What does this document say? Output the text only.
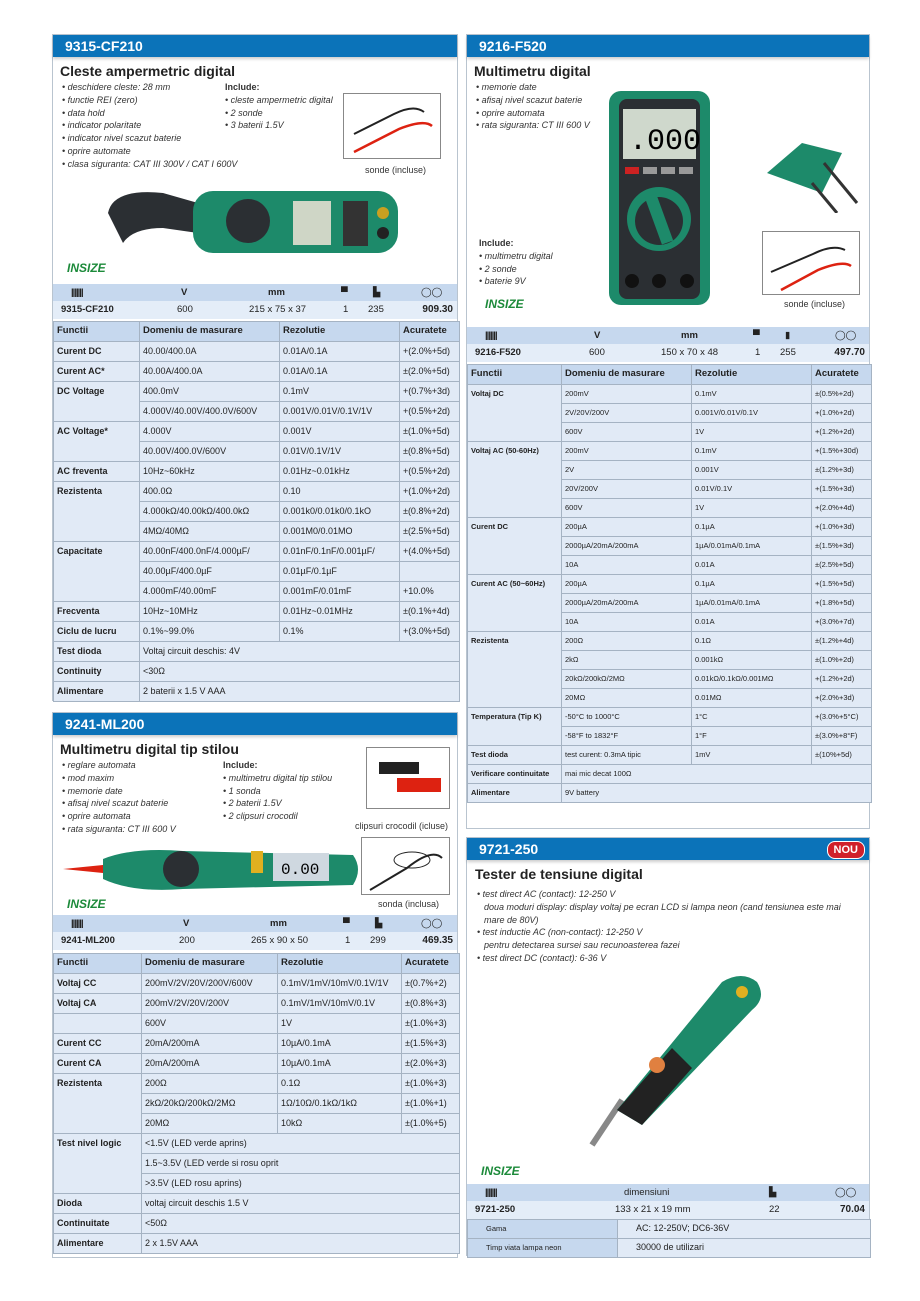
9315-CF210
Cleste ampermetric digital
• deschidere cleste: 28 mm
• functie REI (zero)
• data hold
• indicator polaritate
• indicator nivel scazut baterie
• oprire automate
• clasa siguranta: CAT III 300V / CAT I 600V
Include:
• cleste ampermetric digital
• 2 sonde
• 3 baterii 1.5V
sonde (incluse)
INSIZE
|||||||	V	mm	▀	▙	◯◯
9315-CF210	600	215 x 75 x 37	1 235	909.30
Functii	Domeniu de masurare	Rezolutie	Acuratete
Curent DC	40.00/400.0A	0.01A/0.1A	+(2.0%+5d)
Curent AC*	40.00A/400.0A	0.01A/0.1A	±(2.0%+5d)
DC Voltage	400.0mV	0.1mV	+(0.7%+3d)
	4.000V/40.00V/400.0V/600V	0.001V/0.01V/0.1V/1V	+(0.5%+2d)
AC Voltage*	4.000V	0.001V	±(1.0%+5d)
	40.00V/400.0V/600V	0.01V/0.1V/1V	±(0.8%+5d)
AC freventa	10Hz~60kHz	0.01Hz~0.01kHz	+(0.5%+2d)
Rezistenta	400.0Ω	0.10	+(1.0%+2d)
	4.000kΩ/40.00kΩ/400.0kΩ	0.001k0/0.01k0/0.1kO	±(0.8%+2d)
	4MΩ/40MΩ	0.001M0/0.01MO	±(2.5%+5d)
Capacitate	40.00nF/400.0nF/4.000µF/	0.01nF/0.1nF/0.001µF/	+(4.0%+5d)
	40.00µF/400.0µF	0.01µF/0.1µF	
	4.000mF/40.00mF	0.001mF/0.01mF	+10.0%
Frecventa	10Hz~10MHz	0.01Hz~0.01MHz	±(0.1%+4d)
Ciclu de lucru	0.1%~99.0%	0.1%	+(3.0%+5d)
Test dioda	Voltaj circuit deschis: 4V		
Continuity	<30Ω		
Alimentare	2 baterii x 1.5 V AAA		
9241-ML200
Multimetru digital tip stilou
• reglare automata
• mod maxim
• memorie date
• afisaj nivel scazut baterie
• oprire automata
• rata siguranta: CT III 600 V
Include:
• multimetru digital tip stilou
• 1 sonda
• 2 baterii 1.5V
• 2 clipsuri crocodil
clipsuri crocodil (icluse)
sonda (inclusa)
0.00
INSIZE
|||||||	V	mm	▀	▙	◯◯
9241-ML200	200	265 x 90 x 50	1 299	469.35
Functii	Domeniu de masurare	Rezolutie	Acuratete
Voltaj CC	200mV/2V/20V/200V/600V	0.1mV/1mV/10mV/0.1V/1V	±(0.7%+2)
Voltaj CA	200mV/2V/20V/200V	0.1mV/1mV/10mV/0.1V	±(0.8%+3)
	600V	1V	±(1.0%+3)
Curent CC	20mA/200mA	10µA/0.1mA	±(1.5%+3)
Curent CA	20mA/200mA	10µA/0.1mA	±(2.0%+3)
Rezistenta	200Ω	0.1Ω	±(1.0%+3)
	2kΩ/20kΩ/200kΩ/2MΩ	1Ω/10Ω/0.1kΩ/1kΩ	±(1.0%+1)
	20MΩ	10kΩ	±(1.0%+5)
Test nivel logic	<1.5V (LED verde aprins)		
	1.5~3.5V (LED verde si rosu oprit		
	>3.5V (LED rosu aprins)		
Dioda	voltaj circuit deschis 1.5 V		
Continuitate	<50Ω		
Alimentare	2 x 1.5V AAA		
9216-F520
Multimetru digital
• memorie date
• afisaj nivel scazut baterie
• oprire automata
• rata siguranta: CT III 600 V
Include:
• multimetru digital
• 2 sonde
• baterie 9V
.000
sonde (incluse)
INSIZE
|||||||	V	mm	▀	▮	◯◯
9216-F520	600	150 x 70 x 48	1 255	497.70
Functii	Domeniu de masurare	Rezolutie	Acuratete
Voltaj DC	200mV	0.1mV	±(0.5%+2d)
	2V/20V/200V	0.001V/0.01V/0.1V	+(1.0%+2d)
	600V	1V	+(1.2%+2d)
Voltaj AC (50-60Hz)	200mV	0.1mV	+(1.5%+30d)
	2V	0.001V	±(1.2%+3d)
	20V/200V	0.01V/0.1V	+(1.5%+3d)
	600V	1V	+(2.0%+4d)
Curent DC	200µA	0.1µA	+(1.0%+3d)
	2000µA/20mA/200mA	1µA/0.01mA/0.1mA	±(1.5%+3d)
	10A	0.01A	±(2.5%+5d)
Curent AC (50~60Hz)	200µA	0.1µA	+(1.5%+5d)
	2000µA/20mA/200mA	1µA/0.01mA/0.1mA	+(1.8%+5d)
	10A	0.01A	+(3.0%+7d)
Rezistenta	200Ω	0.1Ω	±(1.2%+4d)
	2kΩ	0.001kΩ	±(1.0%+2d)
	20kΩ/200kΩ/2MΩ	0.01kΩ/0.1kΩ/0.001MΩ	+(1.2%+2d)
	20MΩ	0.01MΩ	+(2.0%+3d)
Temperatura (Tip K)	-50°C to 1000°C	1°C	+(3.0%+5°C)
	-58°F to 1832°F	1°F	±(3.0%+8°F)
Test dioda	test curent: 0.3mA tipic	1mV	±(10%+5d)
Verificare continuitate	mai mic decat 100Ω		
Alimentare	9V battery		
9721-250	NOU
Tester de tensiune digital
• test direct AC (contact): 12-250 V
doua moduri display: display voltaj pe ecran LCD si lampa neon (cand tensiunea este mai mare de 80V)
• test inductie AC (non-contact): 12-250 V
pentru detectarea sursei sau recunoasterea fazei
• test direct DC (contact): 6-36 V
INSIZE
|||||||	dimensiuni	▙	◯◯
9721-250	133 x 21 x 19 mm	22	70.04
Gama	AC: 12-250V; DC6-36V
Timp viata lampa neon	30000 de utilizari
